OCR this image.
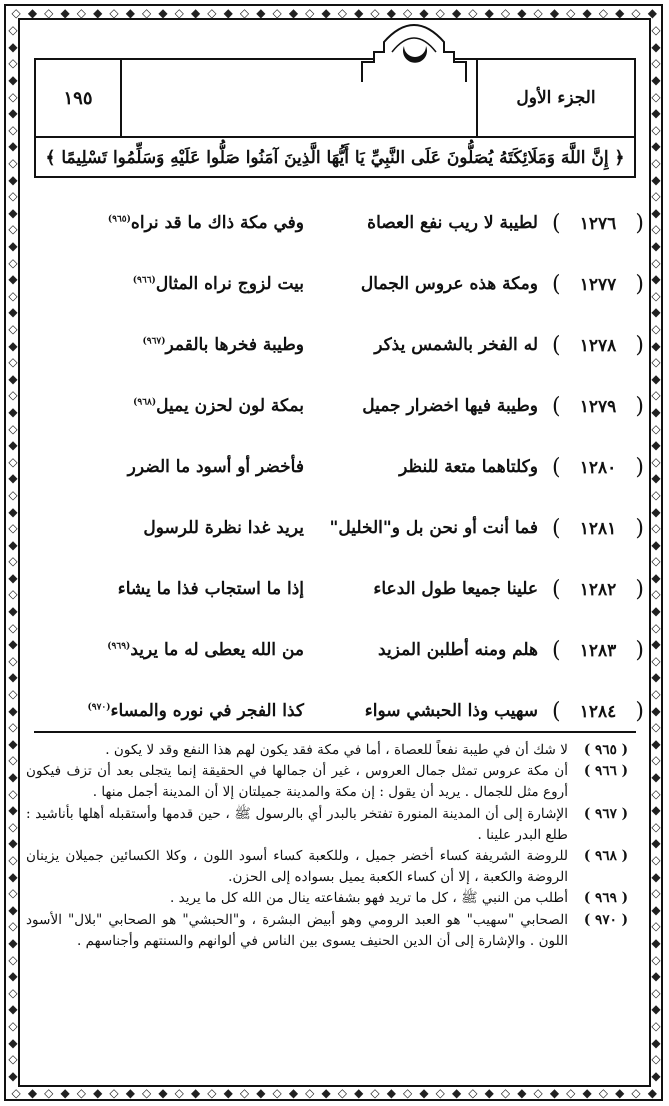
◇ ◆ ◇ ◆ ◇ ◆ ◇ ◆ ◇ ◆ ◇ ◆ ◇ ◆ ◇ ◆ ◇ ◆ ◇ ◆ ◇ ◆ ◇ ◆ ◇ ◆ ◇ ◆ ◇ ◆ ◇ ◆ ◇ ◆ ◇ ◆ ◇ ◆ ◇ ◆
◇ ◆ ◇ ◆ ◇ ◆ ◇ ◆ ◇ ◆ ◇ ◆ ◇ ◆ ◇ ◆ ◇ ◆ ◇ ◆ ◇ ◆ ◇ ◆ ◇ ◆ ◇ ◆ ◇ ◆ ◇ ◆ ◇ ◆ ◇ ◆ ◇ ◆ ◇ ◆
◇
◆
◇
◆
◇
◆
◇
◆
◇
◆
◇
◆
◇
◆
◇
◆
◇
◆
◇
◆
◇
◆
◇
◆
◇
◆
◇
◆
◇
◆
◇
◆
◇
◆
◇
◆
◇
◆
◇
◆
◇
◆
◇
◆
◇
◆
◇
◆
◇
◆
◇
◆
◇
◆
◇
◆
◇
◆
◇
◆
◇
◆
◇
◆
◇
◆
◇
◆
◇
◆
◇
◆
◇
◆
◇
◆
◇
◆
◇
◆
◇
◆
◇
◆
◇
◆
◇
◆
◇
◆
◇
◆
◇
◆
◇
◆
◇
◆
◇
◆
◇
◆
◇
◆
◇
◆
◇
◆
◇
◆
◇
◆
◇
◆
◇
◆
◇
◆
◇
◆
◇
◆
◇
◆
◇
◆
◇
◆
١٩٥	الجزء الأول
﴿ إِنَّ اللَّهَ وَمَلَائِكَتَهُ يُصَلُّونَ عَلَى النَّبِيِّ يَا أَيُّهَا الَّذِينَ آمَنُوا صَلُّوا عَلَيْهِ وَسَلِّمُوا تَسْلِيمًا ﴾
( ١٢٧٦ )
لطيبة لا ريب نفع العصاة
وفي مكة ذاك ما قد نراه$^{(٩٦٥)}$
( ١٢٧٧ )
ومكة هذه عروس الجمال
بيت لزوج نراه المثال$^{(٩٦٦)}$
( ١٢٧٨ )
له الفخر بالشمس يذكر
وطيبة فخرها بالقمر$^{(٩٦٧)}$
( ١٢٧٩ )
وطيبة فيها اخضرار جميل
بمكة لون لحزن يميل$^{(٩٦٨)}$
( ١٢٨٠ )
وكلتاهما متعة للنظر
فأخضر أو أسود ما الضرر
( ١٢٨١ )
فما أنت أو نحن بل و"الخليل"
يريد غدا نظرة للرسول
( ١٢٨٢ )
علينا جميعا طول الدعاء
إذا ما استجاب فذا ما يشاء
( ١٢٨٣ )
هلم ومنه أطلبن المزيد
من الله يعطى له ما يريد$^{(٩٦٩)}$
( ١٢٨٤ )
سهيب وذا الحبشي سواء
كذا الفجر في نوره والمساء$^{(٩٧٠)}$
( ٩٦٥ )
لا شك أن في طيبة نفعاً للعصاة ، أما في مكة فقد يكون لهم هذا النفع وقد لا يكون .
( ٩٦٦ )
أن مكة عروس تمثل جمال العروس ، غير أن جمالها في الحقيقة إنما يتجلى بعد أن تزف فيكون أروع مثل للجمال . يريد أن يقول : إن مكة والمدينة جميلتان إلا أن المدينة أجمل منها .
( ٩٦٧ )
الإشارة إلى أن المدينة المنورة تفتخر بالبدر أي بالرسول ﷺ ، حين قدمها وأستقبله أهلها بأناشيد : طلع البدر علينا .
( ٩٦٨ )
للروضة الشريفة كساء أخضر جميل ، وللكعبة كساء أسود اللون ، وكلا الكسائين جميلان يزينان الروضة والكعبة ، إلا أن كساء الكعبة يميل بسواده إلى الحزن.
( ٩٦٩ )
أطلب من النبي ﷺ ، كل ما تريد فهو بشفاعته ينال من الله كل ما يريد .
( ٩٧٠ )
الصحابي "سهيب" هو العبد الرومي وهو أبيض البشرة ، و"الحبشي" هو الصحابي "بلال" الأسود اللون . والإشارة إلى أن الدين الحنيف يسوى بين الناس في ألوانهم والسنتهم وأجناسهم .
